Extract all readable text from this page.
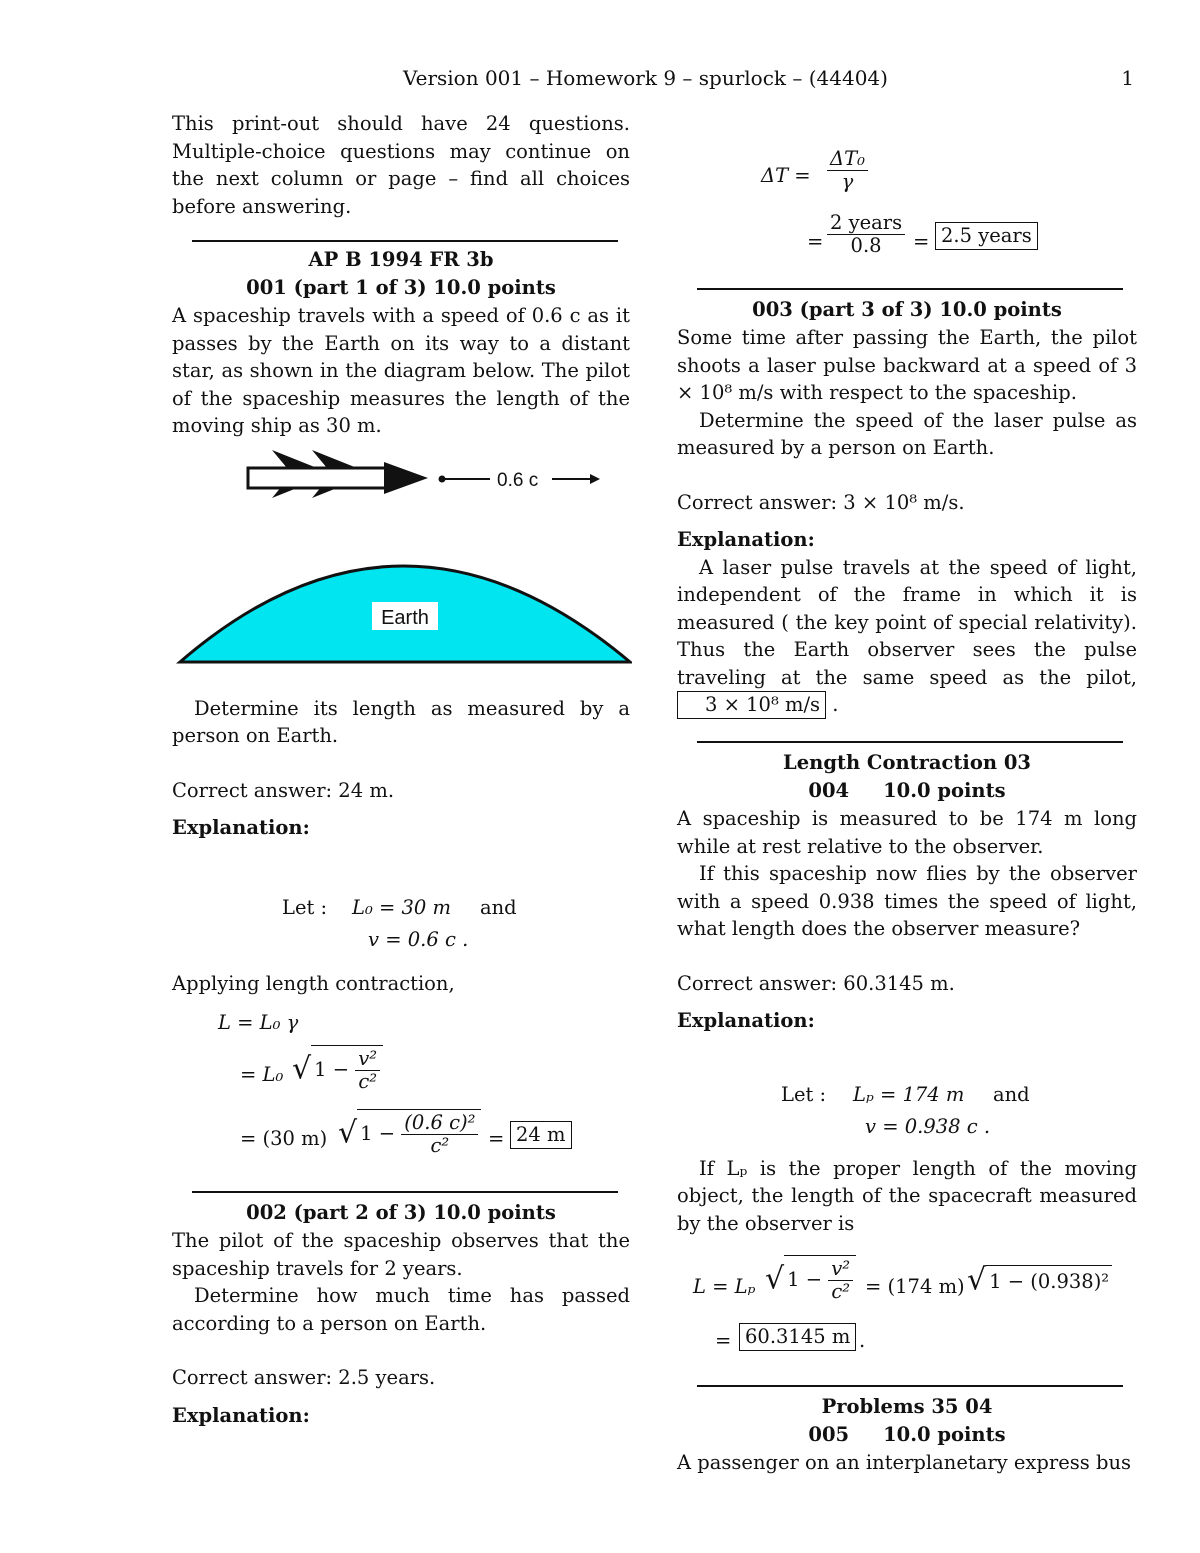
Version 001 – Homework 9 – spurlock – (44404)	1

This print-out should have 24 questions. Multiple-choice questions may continue on the next column or page – find all choices before answering.

AP B 1994 FR 3b
001 (part 1 of 3) 10.0 points

A spaceship travels with a speed of 0.6 c as it passes by the Earth on its way to a distant star, as shown in the diagram below. The pilot of the spaceship measures the length of the moving ship as 30 m.

Determine its length as measured by a person on Earth.

Correct answer: 24 m.

Explanation:

Let : L₀ = 30 m and
v = 0.6 c .

Applying length contraction,

L = L₀ γ
= L₀ √ $1 - \frac{\text{v²}}{\text{c²}}$
= (30 m) √ $1 - \frac{\text{(0.6 c)²}}{\text{c²}} = 24$ m
002 (part 2 of 3) 10.0 points

The pilot of the spaceship observes that the spaceship travels for 2 years.

Determine how much time has passed according to a person on Earth.

Correct answer: 2.5 years.

Explanation:

0.6 c
Earth
$\Delta T = \frac{\text{ΔT₀}}{\gamma}$
=
2 years
0.8	= 2.5 years
003 (part 3 of 3) 10.0 points

Some time after passing the Earth, the pilot shoots a laser pulse backward at a speed of 3 × 10⁸ m/s with respect to the spaceship.

Determine the speed of the laser pulse as measured by a person on Earth.

Correct answer: 3 × 10⁸ m/s.

Explanation:

A laser pulse travels at the speed of light, independent of the frame in which it is measured ( the key point of special relativity). Thus the Earth observer sees the pulse traveling at the same speed as the pilot, 3 × 10⁸ m/s .

Length Contraction 03
004     10.0 points

A spaceship is measured to be 174 m long while at rest relative to the observer.

If this spaceship now flies by the observer with a speed 0.938 times the speed of light, what length does the observer measure?

Correct answer: 60.3145 m.

Explanation:

Let : Lₚ = 174 m and
v = 0.938 c .

If Lₚ is the proper length of the moving object, the length of the spacecraft measured by the observer is

L = Lₚ √ $1 - \frac{\text{v²}}{\text{c²}} = (174$ m) √ 1 − (0.938)²
= 60.3145 m .
Problems 35 04
005     10.0 points

A passenger on an interplanetary express bus
